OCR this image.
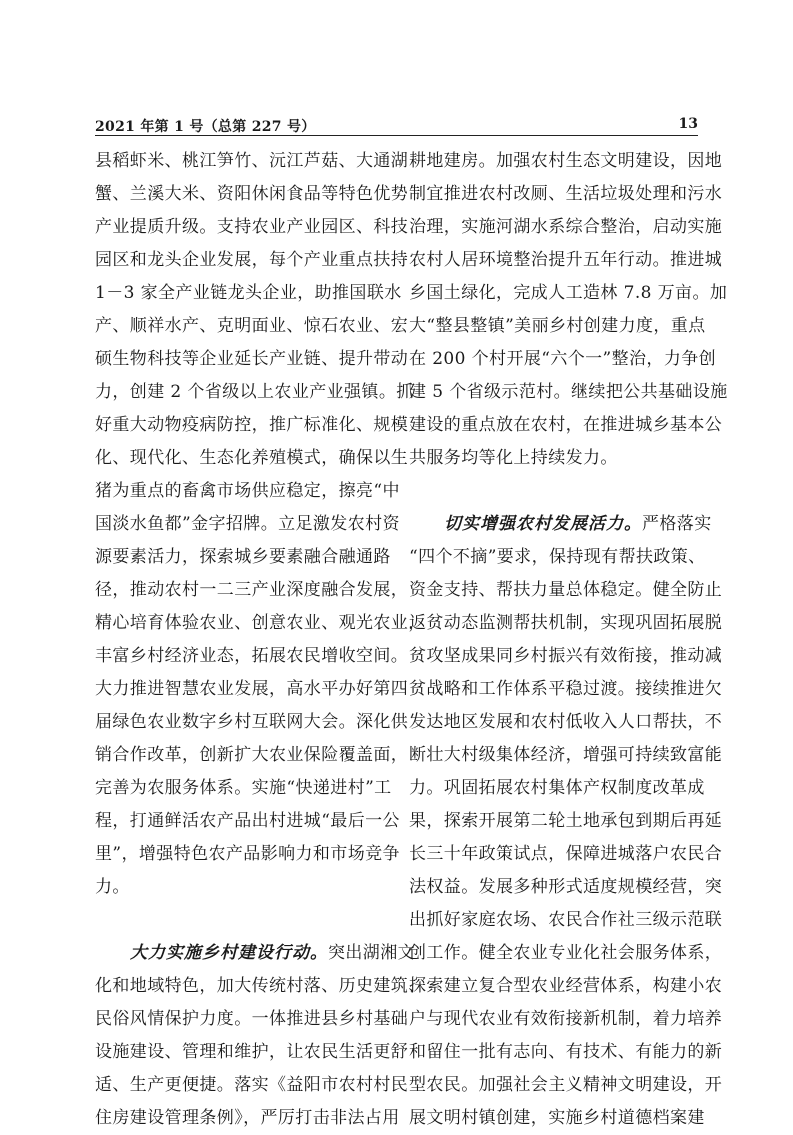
2021 年第 1 号（总第 227 号）	13
县稻虾米、桃江笋竹、沅江芦菇、大通湖
蟹、兰溪大米、资阳休闲食品等特色优势
产业提质升级。支持农业产业园区、科技
园区和龙头企业发展，每个产业重点扶持
1－3 家全产业链龙头企业，助推国联水
产、顺祥水产、克明面业、惊石农业、宏
硕生物科技等企业延长产业链、提升带动
力，创建 2 个省级以上农业产业强镇。抓
好重大动物疫病防控，推广标准化、规模
化、现代化、生态化养殖模式，确保以生
猪为重点的畜禽市场供应稳定，擦亮“中
国淡水鱼都”金字招牌。立足激发农村资
源要素活力，探索城乡要素融合融通路
径，推动农村一二三产业深度融合发展，
精心培育体验农业、创意农业、观光农业，
丰富乡村经济业态，拓展农民增收空间。
大力推进智慧农业发展，高水平办好第四
届绿色农业数字乡村互联网大会。深化供
销合作改革，创新扩大农业保险覆盖面，
完善为农服务体系。实施“快递进村”工
程，打通鲜活农产品出村进城“最后一公
里”，增强特色农产品影响力和市场竞争
力。
大力实施乡村建设行动。突出湖湘文
化和地域特色，加大传统村落、历史建筑、
民俗风情保护力度。一体推进县乡村基础
设施建设、管理和维护，让农民生活更舒
适、生产更便捷。落实《益阳市农村村民
住房建设管理条例》，严厉打击非法占用
耕地建房。加强农村生态文明建设，因地
制宜推进农村改厕、生活垃圾处理和污水
治理，实施河湖水系综合整治，启动实施
农村人居环境整治提升五年行动。推进城
乡国土绿化，完成人工造林 7.8 万亩。加
大“整县整镇”美丽乡村创建力度，重点
在 200 个村开展“六个一”整治，力争创
建 5 个省级示范村。继续把公共基础设施
建设的重点放在农村，在推进城乡基本公
共服务均等化上持续发力。
切实增强农村发展活力。严格落实
“四个不摘”要求，保持现有帮扶政策、
资金支持、帮扶力量总体稳定。健全防止
返贫动态监测帮扶机制，实现巩固拓展脱
贫攻坚成果同乡村振兴有效衔接，推动减
贫战略和工作体系平稳过渡。接续推进欠
发达地区发展和农村低收入人口帮扶，不
断壮大村级集体经济，增强可持续致富能
力。巩固拓展农村集体产权制度改革成
果，探索开展第二轮土地承包到期后再延
长三十年政策试点，保障进城落户农民合
法权益。发展多种形式适度规模经营，突
出抓好家庭农场、农民合作社三级示范联
创工作。健全农业专业化社会服务体系，
探索建立复合型农业经营体系，构建小农
户与现代农业有效衔接新机制，着力培养
和留住一批有志向、有技术、有能力的新
型农民。加强社会主义精神文明建设，开
展文明村镇创建，实施乡村道德档案建
